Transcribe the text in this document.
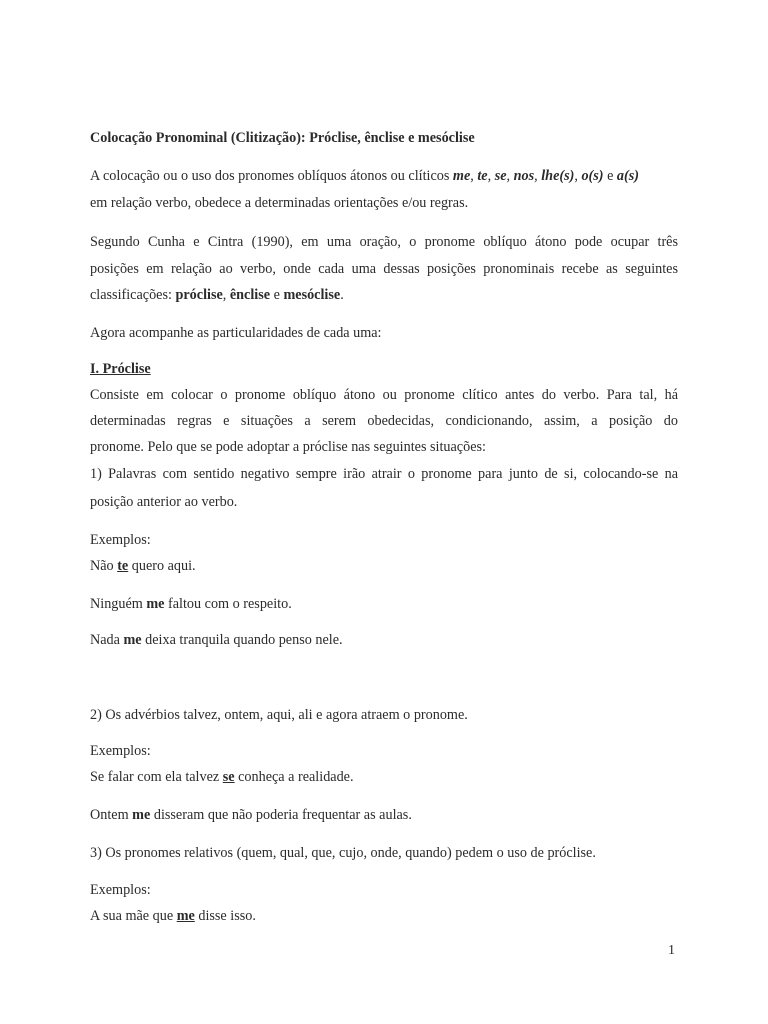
Colocação Pronominal (Clitização): Próclise, ênclise e mesóclise
A colocação ou o uso dos pronomes oblíquos átonos ou clíticos me, te, se, nos, lhe(s), o(s) e a(s)
em relação verbo, obedece a determinadas orientações e/ou regras.
Segundo Cunha e Cintra (1990), em uma oração, o pronome oblíquo átono pode ocupar três
posições em relação ao verbo, onde cada uma dessas posições pronominais recebe as seguintes
classificações: próclise, ênclise e mesóclise.
Agora acompanhe as particularidades de cada uma:
I. Próclise
Consiste em colocar o pronome oblíquo átono ou pronome clítico antes do verbo. Para tal, há
determinadas regras e situações a serem obedecidas, condicionando, assim, a posição do
pronome. Pelo que se pode adoptar a próclise nas seguintes situações:
1) Palavras com sentido negativo sempre irão atrair o pronome para junto de si, colocando-se na
posição anterior ao verbo.
Exemplos:
Não te quero aqui.
Ninguém me faltou com o respeito.
Nada me deixa tranquila quando penso nele.
2) Os advérbios talvez, ontem, aqui, ali e agora atraem o pronome.
Exemplos:
Se falar com ela talvez se conheça a realidade.
Ontem me disseram que não poderia frequentar as aulas.
3) Os pronomes relativos (quem, qual, que, cujo, onde, quando) pedem o uso de próclise.
Exemplos:
A sua mãe que me disse isso.
1
